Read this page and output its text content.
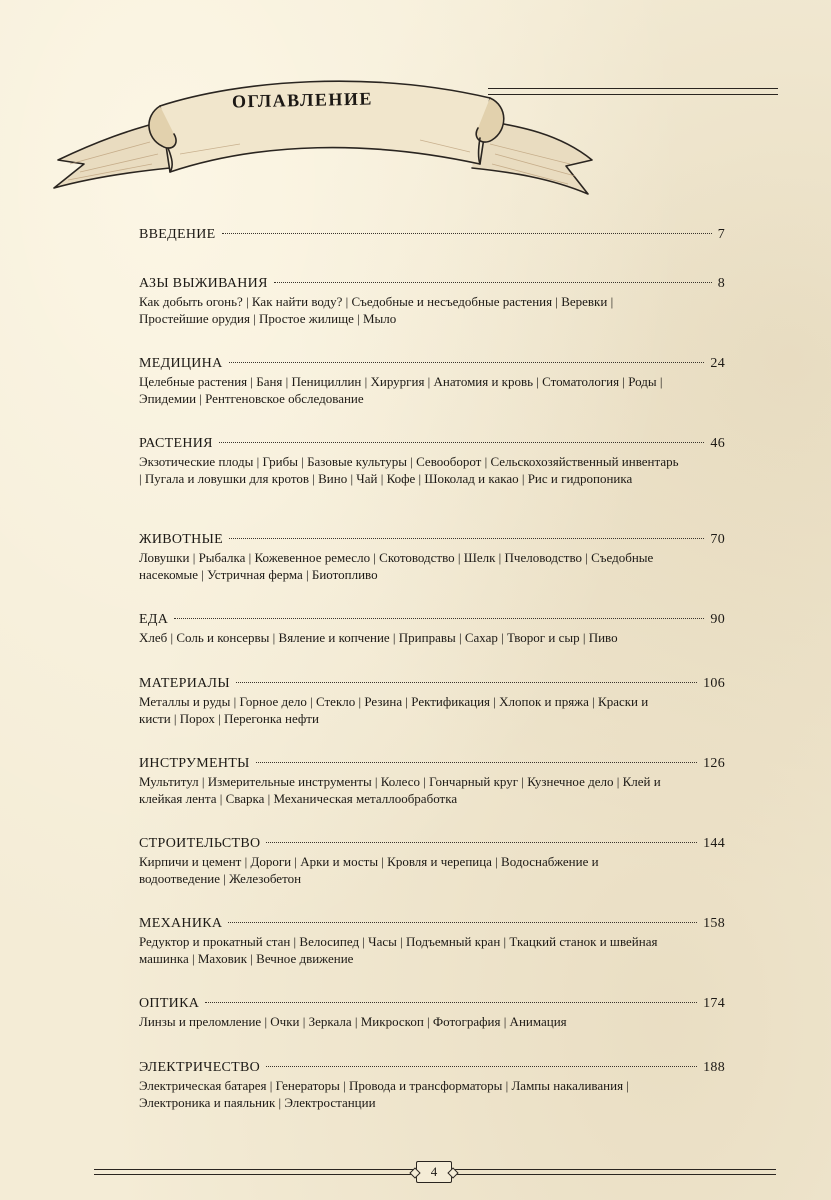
ОГЛАВЛЕНИЕ
ВВЕДЕНИЕ	7
АЗЫ ВЫЖИВАНИЯ	8
Как добыть огонь? | Как найти воду? | Съедобные и несъедобные растения | Веревки | Простейшие орудия | Простое жилище | Мыло
МЕДИЦИНА	24
Целебные растения | Баня | Пенициллин | Хирургия | Анатомия и кровь | Стоматология | Роды | Эпидемии | Рентгеновское обследование
РАСТЕНИЯ	46
Экзотические плоды | Грибы | Базовые культуры | Севооборот | Сельскохозяйственный инвентарь | Пугала и ловушки для кротов | Вино | Чай | Кофе | Шоколад и какао | Рис и гидропоника
ЖИВОТНЫЕ	70
Ловушки | Рыбалка | Кожевенное ремесло | Скотоводство | Шелк | Пчеловодство | Съедобные насекомые | Устричная ферма | Биотопливо
ЕДА	90
Хлеб | Соль и консервы | Вяление и копчение | Приправы | Сахар | Творог и сыр | Пиво
МАТЕРИАЛЫ	106
Металлы и руды | Горное дело | Стекло | Резина | Ректификация | Хлопок и пряжа | Краски и кисти | Порох | Перегонка нефти
ИНСТРУМЕНТЫ	126
Мультитул | Измерительные инструменты | Колесо | Гончарный круг | Кузнечное дело | Клей и клейкая лента | Сварка | Механическая металлообработка
СТРОИТЕЛЬСТВО	144
Кирпичи и цемент | Дороги | Арки и мосты | Кровля и черепица | Водоснабжение и водоотведение | Железобетон
МЕХАНИКА	158
Редуктор и прокатный стан | Велосипед | Часы | Подъемный кран | Ткацкий станок и швейная машинка | Маховик | Вечное движение
ОПТИКА	174
Линзы и преломление | Очки | Зеркала | Микроскоп | Фотография | Анимация
ЭЛЕКТРИЧЕСТВО	188
Электрическая батарея | Генераторы | Провода и трансформаторы | Лампы накаливания | Электроника и паяльник | Электростанции
4
